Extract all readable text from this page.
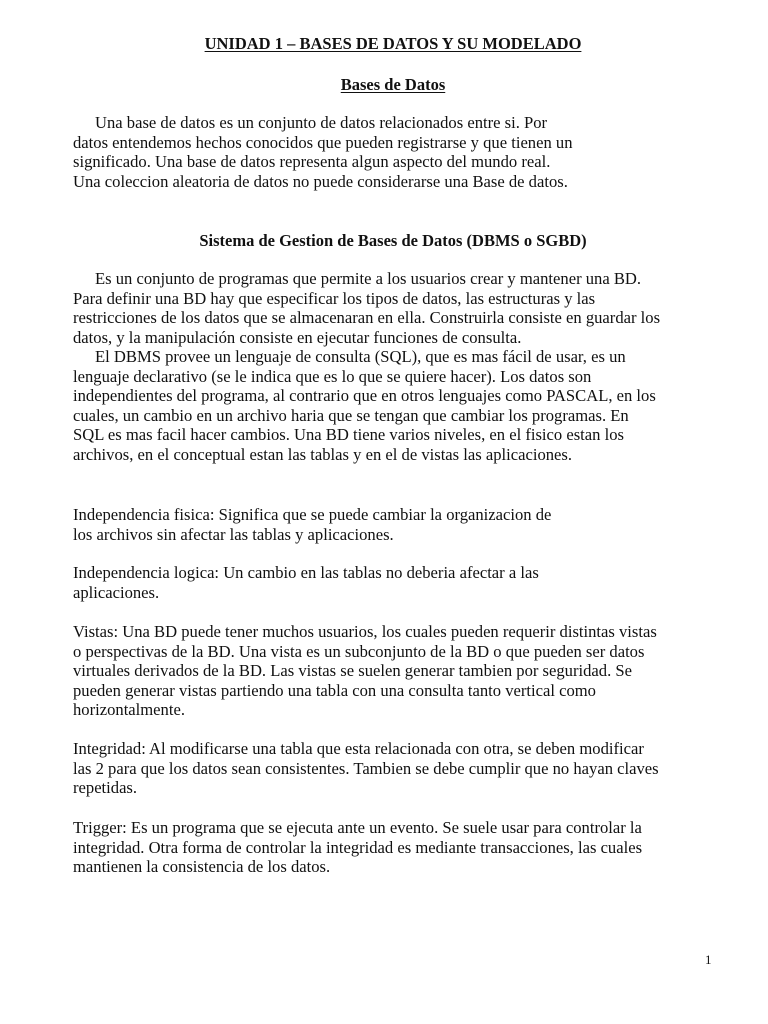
UNIDAD 1 – BASES DE DATOS Y SU MODELADO
Bases de Datos

Una base de datos es un conjunto de datos relacionados entre si. Por
datos entendemos hechos conocidos que pueden registrarse y que tienen un
significado. Una base de datos representa algun aspecto del mundo real.
Una coleccion aleatoria de datos no puede considerarse una Base de datos.

Sistema de Gestion de Bases de Datos (DBMS o SGBD)

Es un conjunto de programas que permite a los usuarios crear y mantener una BD.
Para definir una BD hay que especificar los tipos de datos, las estructuras y las
restricciones de los datos que se almacenaran en ella. Construirla consiste en guardar los
datos, y la manipulación consiste en ejecutar funciones de consulta.

El DBMS provee un lenguaje de consulta (SQL), que es mas fácil de usar, es un
lenguaje declarativo (se le indica que es lo que se quiere hacer). Los datos son
independientes del programa, al contrario que en otros lenguajes como PASCAL, en los
cuales, un cambio en un archivo haria que se tengan que cambiar los programas. En
SQL es mas facil hacer cambios. Una BD tiene varios niveles, en el fisico estan los
archivos, en el conceptual estan las tablas y en el de vistas las aplicaciones.

Independencia fisica: Significa que se puede cambiar la organizacion de
los archivos sin afectar las tablas y aplicaciones.

Independencia logica: Un cambio en las tablas no deberia afectar a las
aplicaciones.

Vistas: Una BD puede tener muchos usuarios, los cuales pueden requerir distintas vistas
o perspectivas de la BD. Una vista es un subconjunto de la BD o que pueden ser datos
virtuales derivados de la BD. Las vistas se suelen generar tambien por seguridad. Se
pueden generar vistas partiendo una tabla con una consulta tanto vertical como
horizontalmente.

Integridad: Al modificarse una tabla que esta relacionada con otra, se deben modificar
las 2 para que los datos sean consistentes. Tambien se debe cumplir que no hayan claves
repetidas.

Trigger: Es un programa que se ejecuta ante un evento. Se suele usar para controlar la
integridad. Otra forma de controlar la integridad es mediante transacciones, las cuales
mantienen la consistencia de los datos.

1
